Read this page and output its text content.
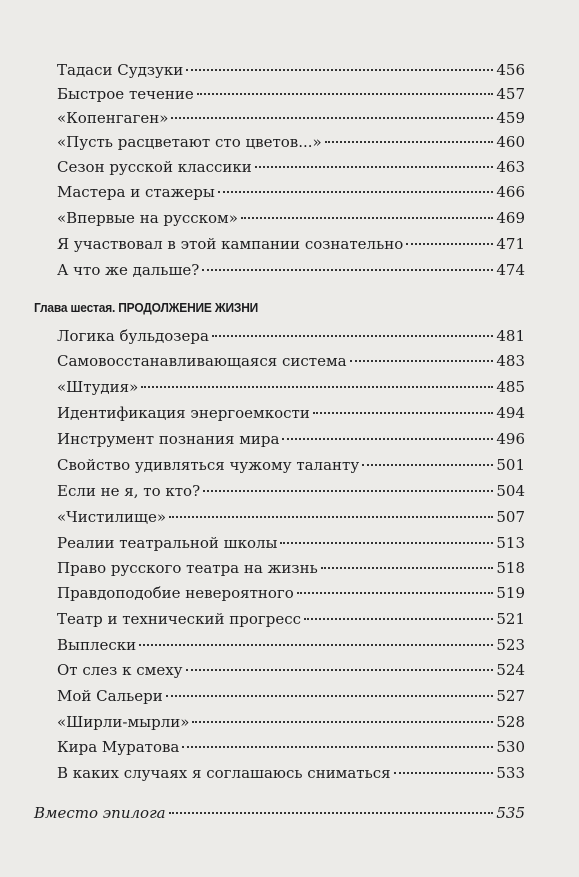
Тадаси Судзуки	456
Быстрое течение	457
«Копенгаген»	459
«Пусть расцветают сто цветов...»	460
Сезон русской классики	463
Мастера и стажеры	466
«Впервые на русском»	469
Я участвовал в этой кампании сознательно	471
А что же дальше?	474
Глава шестая. ПРОДОЛЖЕНИЕ ЖИЗНИ
Логика бульдозера	481
Самовосстанавливающаяся система	483
«Штудия»	485
Идентификация энергоемкости	494
Инструмент познания мира	496
Свойство удивляться чужому таланту	501
Если не я, то кто?	504
«Чистилище»	507
Реалии театральной школы	513
Право русского театра на жизнь	518
Правдоподобие невероятного	519
Театр и технический прогресс	521
Выплески	523
От слез к смеху	524
Мой Сальери	527
«Ширли-мырли»	528
Кира Муратова	530
В каких случаях я соглашаюсь сниматься	533
Вместо эпилога	535
